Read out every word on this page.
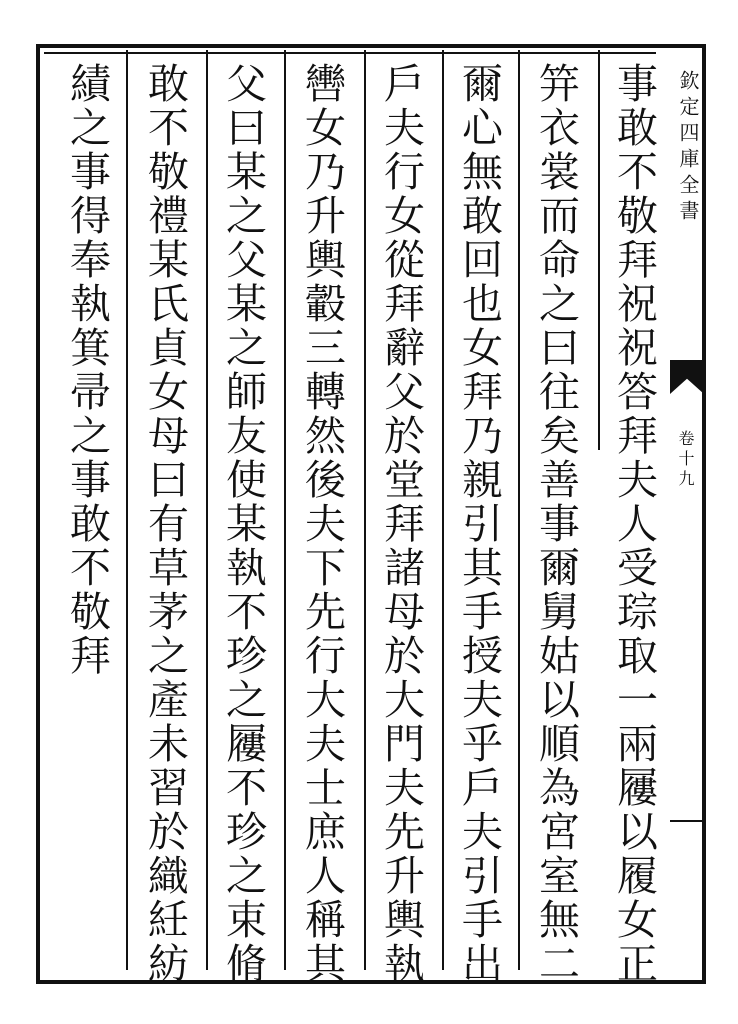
事敢不敬拜祝祝答拜夫人受琮取一兩屨以履女正
笄衣裳而命之曰往矣善事爾舅姑以順為宮室無二
爾心無敢回也女拜乃親引其手授夫乎戶夫引手出
戶夫行女從拜辭父於堂拜諸母於大門夫先升輿執
轡女乃升輿轂三轉然後夫下先行大夫士庶人稱其
父曰某之父某之師友使某執不珍之屨不珍之束脩
敢不敬禮某氏貞女母曰有草茅之產未習於織紝紡
績之事得奉執箕帚之事敢不敬拜	欽定四庫全書
卷十九
